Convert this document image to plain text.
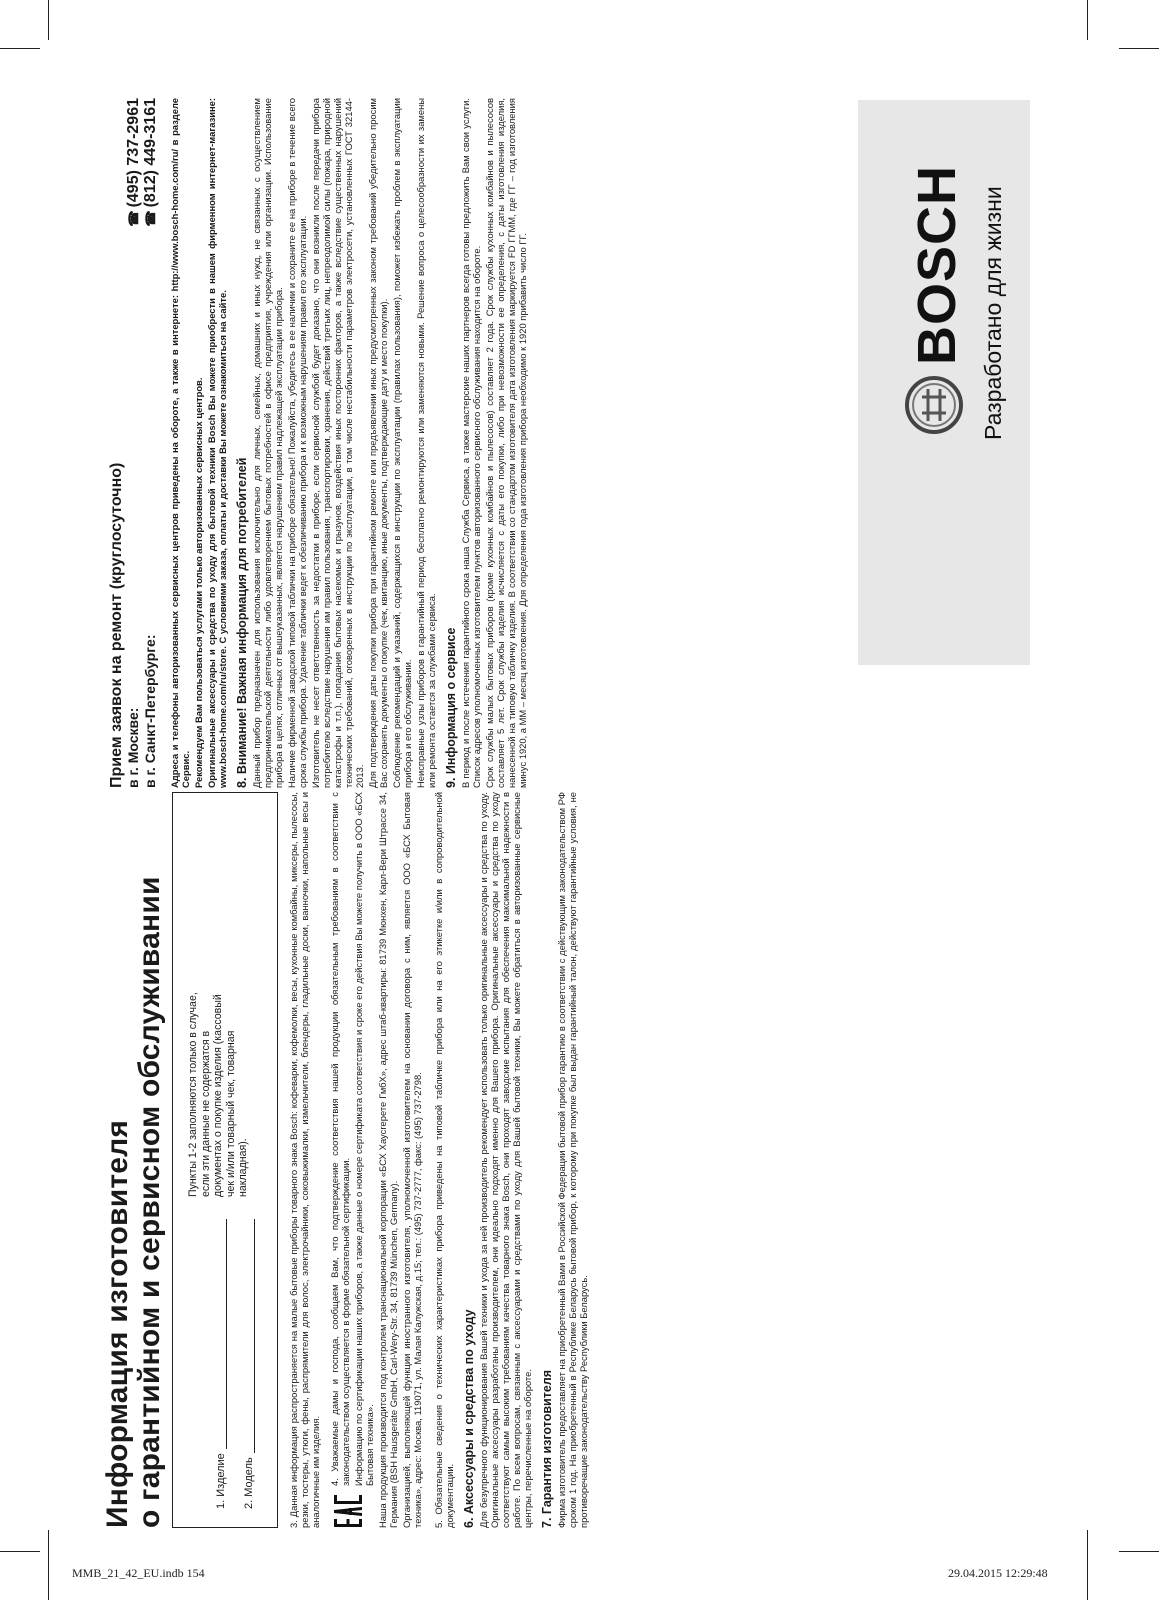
MMB_21_42_EU.indb 154	29.04.2015 12:29:48
Информация изготовителя о гарантийном и сервисном обслуживании	1. Изделие 2. Модель
Пункты 1-2 заполняются только в случае, если эти данные не содержатся в документах о покупке изделия (кассовый чек и/или товарный чек, товарная накладная).	3. Данная информация распространяется на малые бытовые приборы товарного знака Bosch: кофеварки, кофемолки, весы, кухонные комбайны, миксеры, пылесосы, резки, тостеры, утюги, фены, распрямители для волос, электрочайники, соковыжималки, измельчители, блендеры, гладильные доски, ванночки, напольные весы и аналогичные им изделия. 4. Уважаемые дамы и господа, сообщаем Вам, что подтверждение соответствия нашей продукции обязательным требованиям в соответствии с законодательством осуществляется в форме обязательной сертификации. Информацию по сертификации наших приборов, а также данные о номере сертификата соответствия и сроке его действия Вы можете получить в ООО «БСХ Бытовая техника». Наша продукция производится под контролем транснациональной корпорации «БСХ Хаусгерете ГмбХ», адрес штаб-квартиры: 81739 Мюнхен, Карл-Вери Штрассе 34, Германия (BSH Hausgeräte GmbH, Carl-Wery-Str. 34, 81739 München, Germany). Организацией, выполняющей функции иностранного изготовителя, уполномоченной изготовителем на основании договора с ним, является ООО «БСХ Бытовая техника», адрес: Москва, 119071, ул. Малая Калужская, д.15; тел.: (495) 737-2777, факс: (495) 737-2798. 5. Обязательные сведения о технических характеристиках прибора приведены на типовой табличке прибора или на его этикетке и/или в сопроводительной документации. 6. Аксессуары и средства по уходу Для безупречного функционирования Вашей техники и ухода за ней производитель рекомендует использовать только оригинальные аксессуары и средства по уходу. Оригинальные аксессуары разработаны производителем, они идеально подходят именно для Вашего прибора. Оригинальные аксессуары и средства по уходу соответствуют самым высоким требованиям качества товарного знака Bosch, они проходят заводские испытания для обеспечения максимальной надежности в работе. По всем вопросам, связанным с аксессуарами и средствами по уходу для Вашей бытовой техники, Вы можете обратиться в авторизованные сервисные центры, перечисленные на обороте. 7. Гарантия изготовителя Фирма изготовитель предоставляет на приобретенный Вами в Российской Федерации бытовой прибор гарантию в соответствии с действующим законодательством РФ сроком 1 год. На приобретенный в Республике Беларусь бытовой прибор, к которому при покупке был выдан гарантийный талон, действуют гарантийные условия, не противоречащие законодательству Республики Беларусь.

Прием заявок на ремонт (круглосуточно) в г. Москве:
☎(495) 737-2961
в г. Санкт-Петербурге:
☎(812) 449-3161 Адреса и телефоны авторизованных сервисных центров приведены на обороте, а также в интернете: http://www.bosch-home.com/ru/ в разделе Сервис. Рекомендуем Вам пользоваться услугами только авторизованных сервисных центров. Оригинальные аксессуары и средства по уходу для бытовой техники Bosch Вы можете приобрести в нашем фирменном интернет-магазине: www.bosch-home.com/ru/store. С условиями заказа, оплаты и доставки Вы можете ознакомиться на сайте. 8. Внимание! Важная информация для потребителей Данный прибор предназначен для использования исключительно для личных, семейных, домашних и иных нужд, не связанных с осуществлением предпринимательской деятельности либо удовлетворением бытовых потребностей в офисе предприятия, учреждения или организации. Использование прибора в целях, отличных от вышеуказанных, является нарушением правил надлежащей эксплуатации прибора. Наличие фирменной заводской типовой таблички на приборе обязательно! Пожалуйста, убедитесь в ее наличии и сохраните ее на приборе в течение всего срока службы прибора. Удаление таблички ведет к обезличиванию прибора и к возможным нарушениям правил его эксплуатации. Изготовитель не несет ответственность за недостатки в приборе, если сервисной службой будет доказано, что они возникли после передачи прибора потребителю вследствие нарушения им правил пользования, транспортировки, хранения, действий третьих лиц, непреодолимой силы (пожара, природной катастрофы и т.п.), попадания бытовых насекомых и грызунов, воздействия иных посторонних факторов, а также вследствие существенных нарушений технических требований, оговоренных в инструкции по эксплуатации, в том числе нестабильности параметров электросети, установленных ГОСТ 32144-2013. Для подтверждения даты покупки прибора при гарантийном ремонте или предъявлении иных предусмотренных законом требований убедительно просим Вас сохранять документы о покупке (чек, квитанцию, иные документы, подтверждающие дату и место покупки). Соблюдение рекомендаций и указаний, содержащихся в инструкции по эксплуатации (правилах пользования), поможет избежать проблем в эксплуатации прибора и его обслуживании. Неисправные узлы приборов в гарантийный период бесплатно ремонтируются или заменяются новыми. Решение вопроса о целесообразности их замены или ремонта остается за службами сервиса. 9. Информация о сервисе В период и после истечения гарантийного срока наша Служба Сервиса, а также мастерские наших партнеров всегда готовы предложить Вам свои услуги. Список адресов уполномоченных изготовителем пунктов авторизованного сервисного обслуживания находится на обороте. Срок службы малых бытовых приборов (кроме кухонных комбайнов и пылесосов) составляет 2 года. Срок службы кухонных комбайнов и пылесосов составляет 5 лет. Срок службы изделия исчисляется с даты его покупки, либо при невозможности ее определения, с даты изготовления изделия, нанесенной на типовую табличку изделия. В соответствии со стандартом изготовителя дата изготовления маркируется FD ГГММ, где ГГ – год изготовления минус 1920, а ММ – месяц изготовления. Для определения года изготовления прибора необходимо к 1920 прибавить число ГГ.	BOSCH Разработано для жизни
